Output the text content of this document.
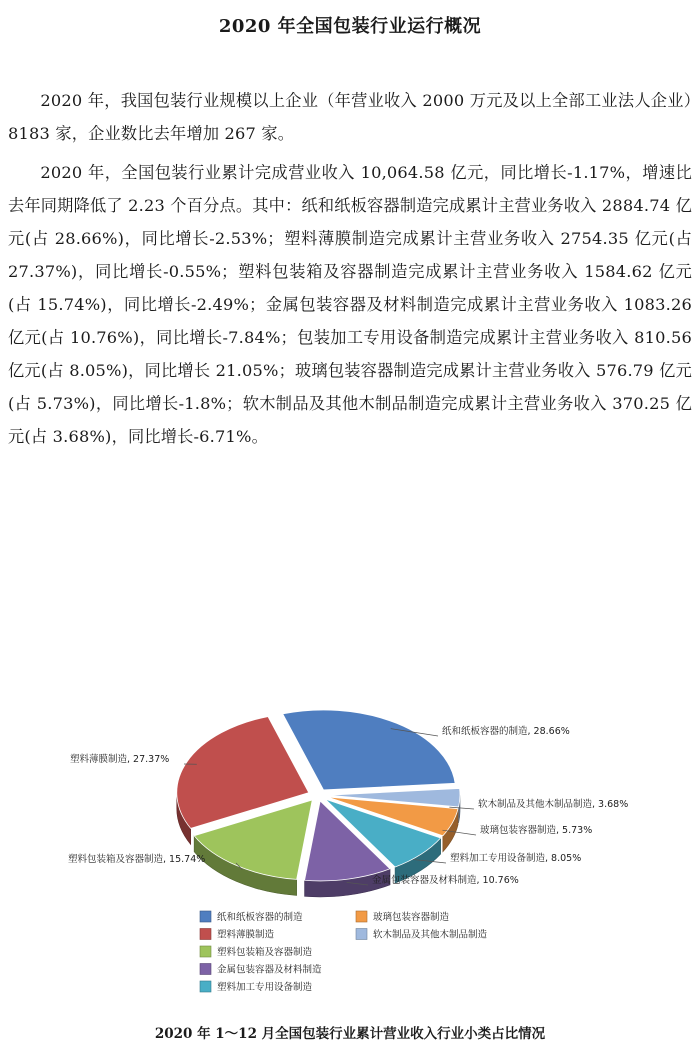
2020 年全国包装行业运行概况

2020 年，我国包装行业规模以上企业（年营业收入 2000 万元及以上全部工业法人企业）8183 家，企业数比去年增加 267 家。

2020 年，全国包装行业累计完成营业收入 10,064.58 亿元，同比增长-1.17%，增速比去年同期降低了 2.23 个百分点。其中：纸和纸板容器制造完成累计主营业务收入 2884.74 亿元(占 28.66%)，同比增长-2.53%；塑料薄膜制造完成累计主营业务收入 2754.35 亿元(占 27.37%)，同比增长-0.55%；塑料包装箱及容器制造完成累计主营业务收入 1584.62 亿元(占 15.74%)，同比增长-2.49%；金属包装容器及材料制造完成累计主营业务收入 1083.26 亿元(占 10.76%)，同比增长-7.84%；包装加工专用设备制造完成累计主营业务收入 810.56 亿元(占 8.05%)，同比增长 21.05%；玻璃包装容器制造完成累计主营业务收入 576.79 亿元(占 5.73%)，同比增长-1.8%；软木制品及其他木制品制造完成累计主营业务收入 370.25 亿元(占 3.68%)，同比增长-6.71%。

纸和纸板容器的制造, 28.66%
软木制品及其他木制品制造, 3.68%
玻璃包装容器制造, 5.73%
塑料加工专用设备制造, 8.05%
金属包装容器及材料制造, 10.76%
塑料包装箱及容器制造, 15.74%
塑料薄膜制造, 27.37%
纸和纸板容器的制造
塑料薄膜制造
塑料包装箱及容器制造
金属包装容器及材料制造
塑料加工专用设备制造
玻璃包装容器制造
软木制品及其他木制品制造
2020 年 1～12 月全国包装行业累计营业收入行业小类占比情况
